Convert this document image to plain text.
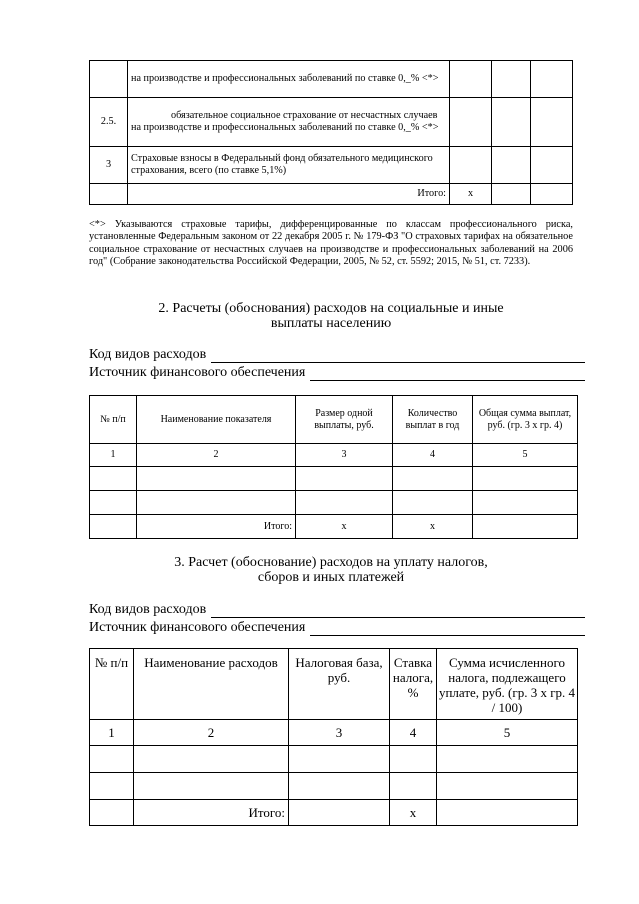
	на производстве и профессиональных заболеваний по ставке 0,_% <*>			
2.5.	обязательное социальное страхование от несчастных случаев на производстве и профессиональных заболеваний по ставке 0,_% <*>			
3	Страховые взносы в Федеральный фонд обязательного медицинского страхования, всего (по ставке 5,1%)			
	Итого:	x		
<*> Указываются страховые тарифы, дифференцированные по классам профессионального риска, установленные Федеральным законом от 22 декабря 2005 г. № 179-ФЗ "О страховых тарифах на обязательное социальное страхование от несчастных случаев на производстве и профессиональных заболеваний на 2006 год" (Собрание законодательства Российской Федерации, 2005, № 52, ст. 5592; 2015, № 51, ст. 7233).
2. Расчеты (обоснования) расходов на социальные и иные
выплаты населению
Код видов расходов
Источник финансового обеспечения
№ п/п	Наименование показателя	Размер одной выплаты, руб.	Количество выплат в год	Общая сумма выплат, руб. (гр. 3 x гр. 4)
1	2	3	4	5

	Итого:	x	x	
3. Расчет (обоснование) расходов на уплату налогов,
сборов и иных платежей
Код видов расходов
Источник финансового обеспечения
№ п/п	Наименование расходов	Налоговая база, руб.	Ставка налога, %	Сумма исчисленного налога, подлежащего уплате, руб. (гр. 3 x гр. 4 / 100)
1	2	3	4	5

	Итого:		x	
